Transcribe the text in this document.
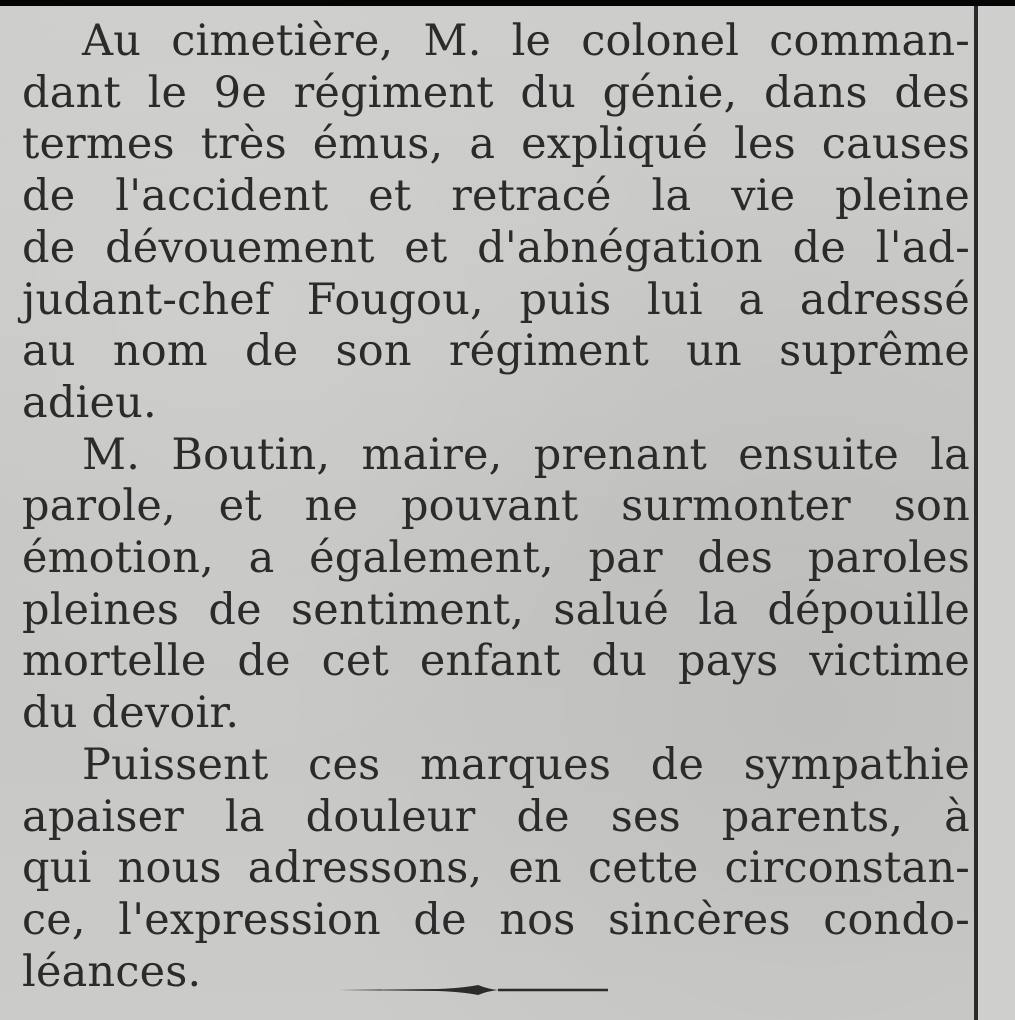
Au cimetière, M. le colonel comman-
dant le 9e régiment du génie, dans des
termes très émus, a expliqué les causes
de l'accident et retracé la vie pleine
de dévouement et d'abnégation de l'ad-
judant-chef Fougou, puis lui a adressé
au nom de son régiment un suprême
adieu.

M. Boutin, maire, prenant ensuite la
parole, et ne pouvant surmonter son
émotion, a également, par des paroles
pleines de sentiment, salué la dépouille
mortelle de cet enfant du pays victime
du devoir.

Puissent ces marques de sympathie
apaiser la douleur de ses parents, à
qui nous adressons, en cette circonstan-
ce, l'expression de nos sincères condo-
léances.
